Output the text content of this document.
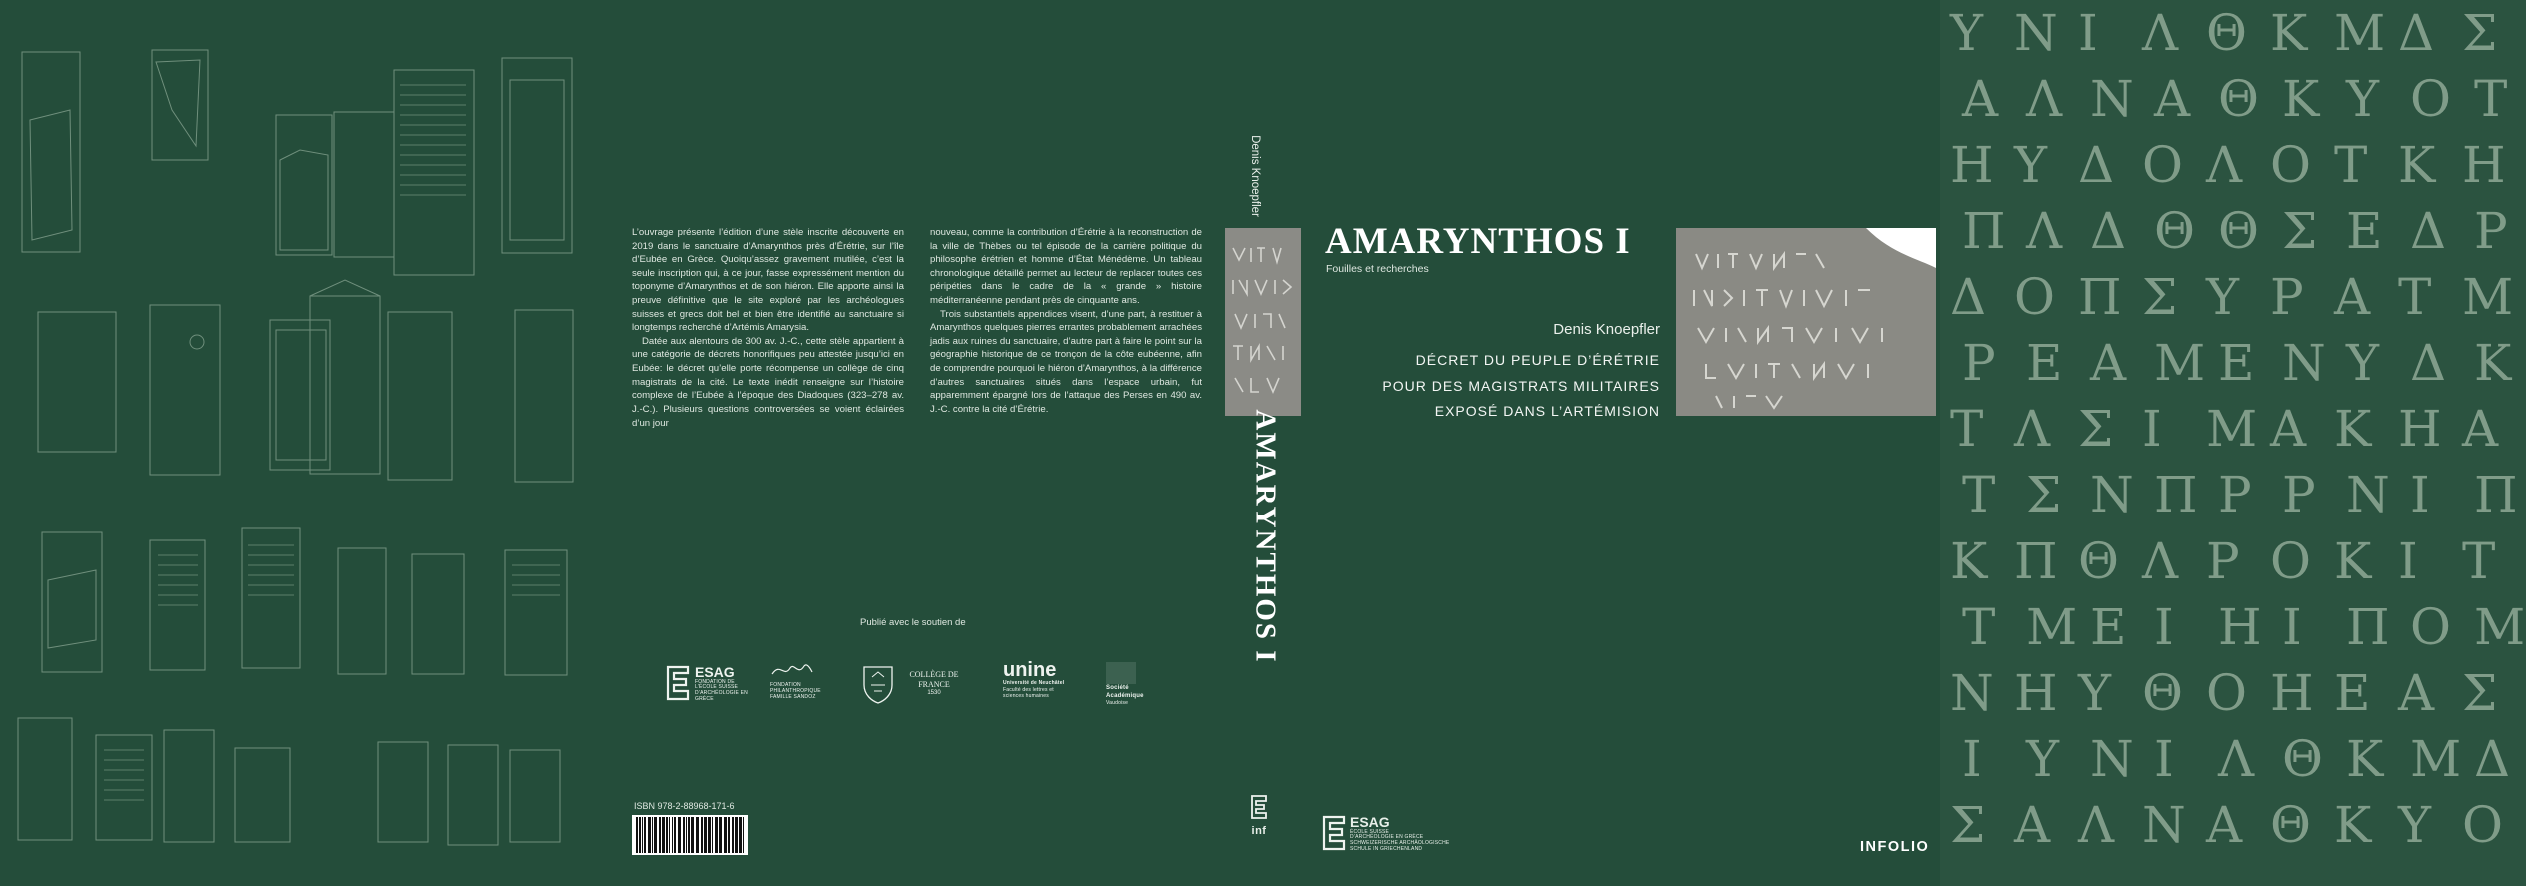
L’ouvrage présente l’édition d’une stèle inscrite découverte en 2019 dans le sanctuaire d’Amarynthos près d’Érétrie, sur l’île d’Eubée en Grèce. Quoiqu’assez gravement mutilée, c’est la seule inscription qui, à ce jour, fasse expressément mention du toponyme d’Amarynthos et de son hiéron. Elle apporte ainsi la preuve définitive que le site exploré par les archéologues suisses et grecs doit bel et bien être identifié au sanctuaire si longtemps recherché d’Artémis Amarysia.

Datée aux alentours de 300 av. J.-C., cette stèle appartient à une catégorie de décrets honorifiques peu attestée jusqu’ici en Eubée: le décret qu’elle porte récompense un collège de cinq magistrats de la cité. Le texte inédit renseigne sur l’histoire complexe de l’Eubée à l’époque des Diadoques (323–278 av. J.-C.). Plusieurs questions controversées se voient éclairées d’un jour

nouveau, comme la contribution d’Érétrie à la reconstruction de la ville de Thèbes ou tel épisode de la carrière politique du philosophe érétrien et homme d’État Ménédème. Un tableau chronologique détaillé permet au lecteur de replacer toutes ces péripéties dans le cadre de la « grande » histoire méditerranéenne pendant près de cinquante ans.

Trois substantiels appendices visent, d’une part, à restituer à Amarynthos quelques pierres errantes probablement arrachées jadis aux ruines du sanctuaire, d’autre part à faire le point sur la géographie historique de ce tronçon de la côte eubéenne, afin de comprendre pourquoi le hiéron d’Amarynthos, à la différence d’autres sanctuaires situés dans l’espace urbain, fut apparemment épargné lors de l’attaque des Perses en 490 av. J.-C. contre la cité d’Érétrie.

Publié avec le soutien de
ESAG
FONDATION DE L’ÉCOLE SUISSE D’ARCHÉOLOGIE EN GRÈCE
FONDATION PHILANTHROPIQUE FAMILLE SANDOZ
COLLÈGE DE FRANCE
1530
unine
Université de Neuchâtel
Faculté des lettres et sciences humaines
Société
Académique
Vaudoise
ISBN 978-2-88968-171-6
Denis Knoepfler
AMARYNTHOS I
inf
AMARYNTHOS I
Fouilles et recherches
Denis Knoepfler
DÉCRET DU PEUPLE D’ÉRÉTRIE
POUR DES MAGISTRATS MILITAIRES
EXPOSÉ DANS L’ARTÉMISION
ESAG
ÉCOLE SUISSE D’ARCHÉOLOGIE EN GRÈCE
SCHWEIZERISCHE ARCHÄOLOGISCHE SCHULE IN GRIECHENLAND	INFOLIO
Υ Ν Ι Λ Θ Κ Μ Δ Σ
Α Λ Ν Α Θ Κ Υ Ο Τ
Η Υ Δ Ο Λ Ο Τ Κ Η
Π Λ Δ Θ Θ Σ Ε Δ Ρ
Δ Ο Π Σ Υ Ρ Α Τ Μ
Ρ Ε Α Μ Ε Ν Υ Δ Κ
Τ Λ Σ Ι Μ Α Κ Η Α
Τ Σ Ν Π Ρ Ρ Ν Ι Π
Κ Π Θ Λ Ρ Ο Κ Ι Τ
Τ Μ Ε Ι Η Ι Π Ο Μ
Ν Η Υ Θ Ο Η Ε Α Σ
Ι Υ Ν Ι Λ Θ Κ Μ Δ
Σ Α Λ Ν Α Θ Κ Υ Ο
